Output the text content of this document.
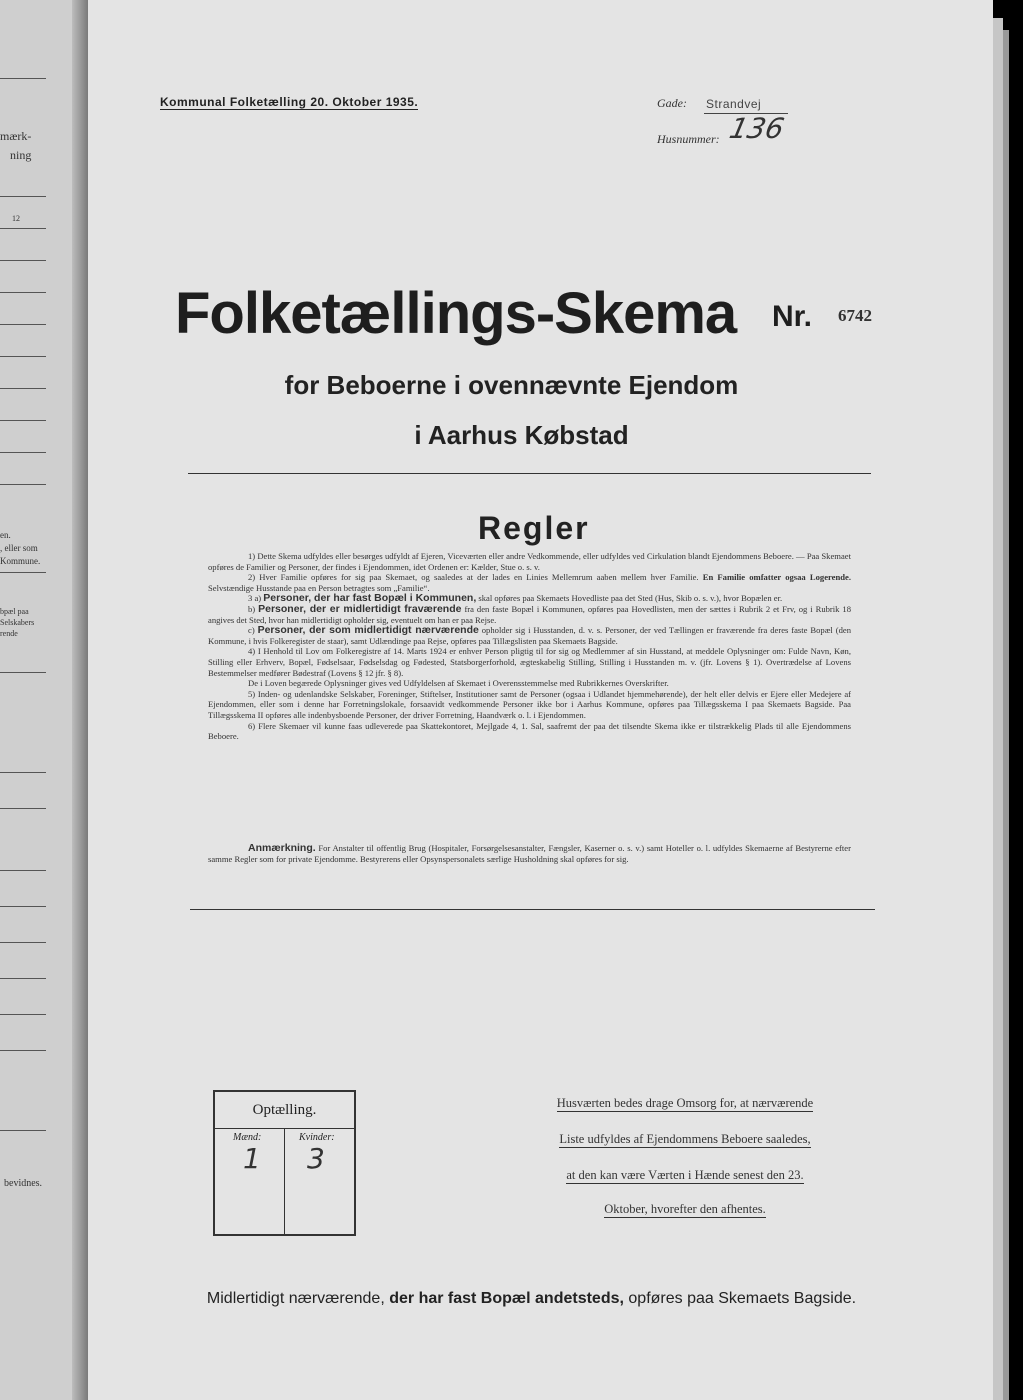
mærk-
ning
12
en.
, eller som
Kommune.
bpæl paa
Selskabers
rende
bevidnes.
Kommunal Folketælling 20. Oktober 1935.	Gade: Strandvej
Husnummer: 136
Folketællings-Skema Nr. 6742
for Beboerne i ovennævnte Ejendom
i Aarhus Købstad
Regler

1) Dette Skema udfyldes eller besørges udfyldt af Ejeren, Viceværten eller andre Vedkommende, eller udfyldes ved Cirkulation blandt Ejendommens Beboere. — Paa Skemaet opføres de Familier og Personer, der findes i Ejendommen, idet Ordenen er: Kælder, Stue o. s. v.

2) Hver Familie opføres for sig paa Skemaet, og saaledes at der lades en Linies Mellemrum aaben mellem hver Familie. En Familie omfatter ogsaa Logerende. Selvstændige Husstande paa en Person betragtes som „Familie“.

3 a) Personer, der har fast Bopæl i Kommunen, skal opføres paa Skemaets Hovedliste paa det Sted (Hus, Skib o. s. v.), hvor Bopælen er.

b) Personer, der er midlertidigt fraværende fra den faste Bopæl i Kommunen, opføres paa Hovedlisten, men der sættes i Rubrik 2 et Frv, og i Rubrik 18 angives det Sted, hvor han midlertidigt opholder sig, eventuelt om han er paa Rejse.

c) Personer, der som midlertidigt nærværende opholder sig i Husstanden, d. v. s. Personer, der ved Tællingen er fraværende fra deres faste Bopæl (den Kommune, i hvis Folkeregister de staar), samt Udlændinge paa Rejse, opføres paa Tillægslisten paa Skemaets Bagside.

4) I Henhold til Lov om Folkeregistre af 14. Marts 1924 er enhver Person pligtig til for sig og Medlemmer af sin Husstand, at meddele Oplysninger om: Fulde Navn, Køn, Stilling eller Erhverv, Bopæl, Fødselsaar, Fødselsdag og Fødested, Statsborgerforhold, ægteskabelig Stilling, Stilling i Husstanden m. v. (jfr. Lovens § 1). Overtrædelse af Lovens Bestemmelser medfører Bødestraf (Lovens § 12 jfr. § 8).

De i Loven begærede Oplysninger gives ved Udfyldelsen af Skemaet i Overensstemmelse med Rubrikkernes Overskrifter.

5) Inden- og udenlandske Selskaber, Foreninger, Stiftelser, Institutioner samt de Personer (ogsaa i Udlandet hjemmehørende), der helt eller delvis er Ejere eller Medejere af Ejendommen, eller som i denne har Forretningslokale, forsaavidt vedkommende Personer ikke bor i Aarhus Kommune, opføres paa Tillægsskema I paa Skemaets Bagside. Paa Tillægsskema II opføres alle indenbysboende Personer, der driver Forretning, Haandværk o. l. i Ejendommen.

6) Flere Skemaer vil kunne faas udleverede paa Skattekontoret, Mejlgade 4, 1. Sal, saafremt der paa det tilsendte Skema ikke er tilstrækkelig Plads til alle Ejendommens Beboere.

Anmærkning. For Anstalter til offentlig Brug (Hospitaler, Forsørgelsesanstalter, Fængsler, Kaserner o. s. v.) samt Hoteller o. l. udfyldes Skemaerne af Bestyrerne efter samme Regler som for private Ejendomme. Bestyrerens eller Opsynspersonalets særlige Husholdning skal opføres for sig.
Optælling.
Mænd:	Kvinder:
1 3
Husværten bedes drage Omsorg for, at nærværende
Liste udfyldes af Ejendommens Beboere saaledes,
at den kan være Værten i Hænde senest den 23.
Oktober, hvorefter den afhentes.
Midlertidigt nærværende, der har fast Bopæl andetsteds, opføres paa Skemaets Bagside.
